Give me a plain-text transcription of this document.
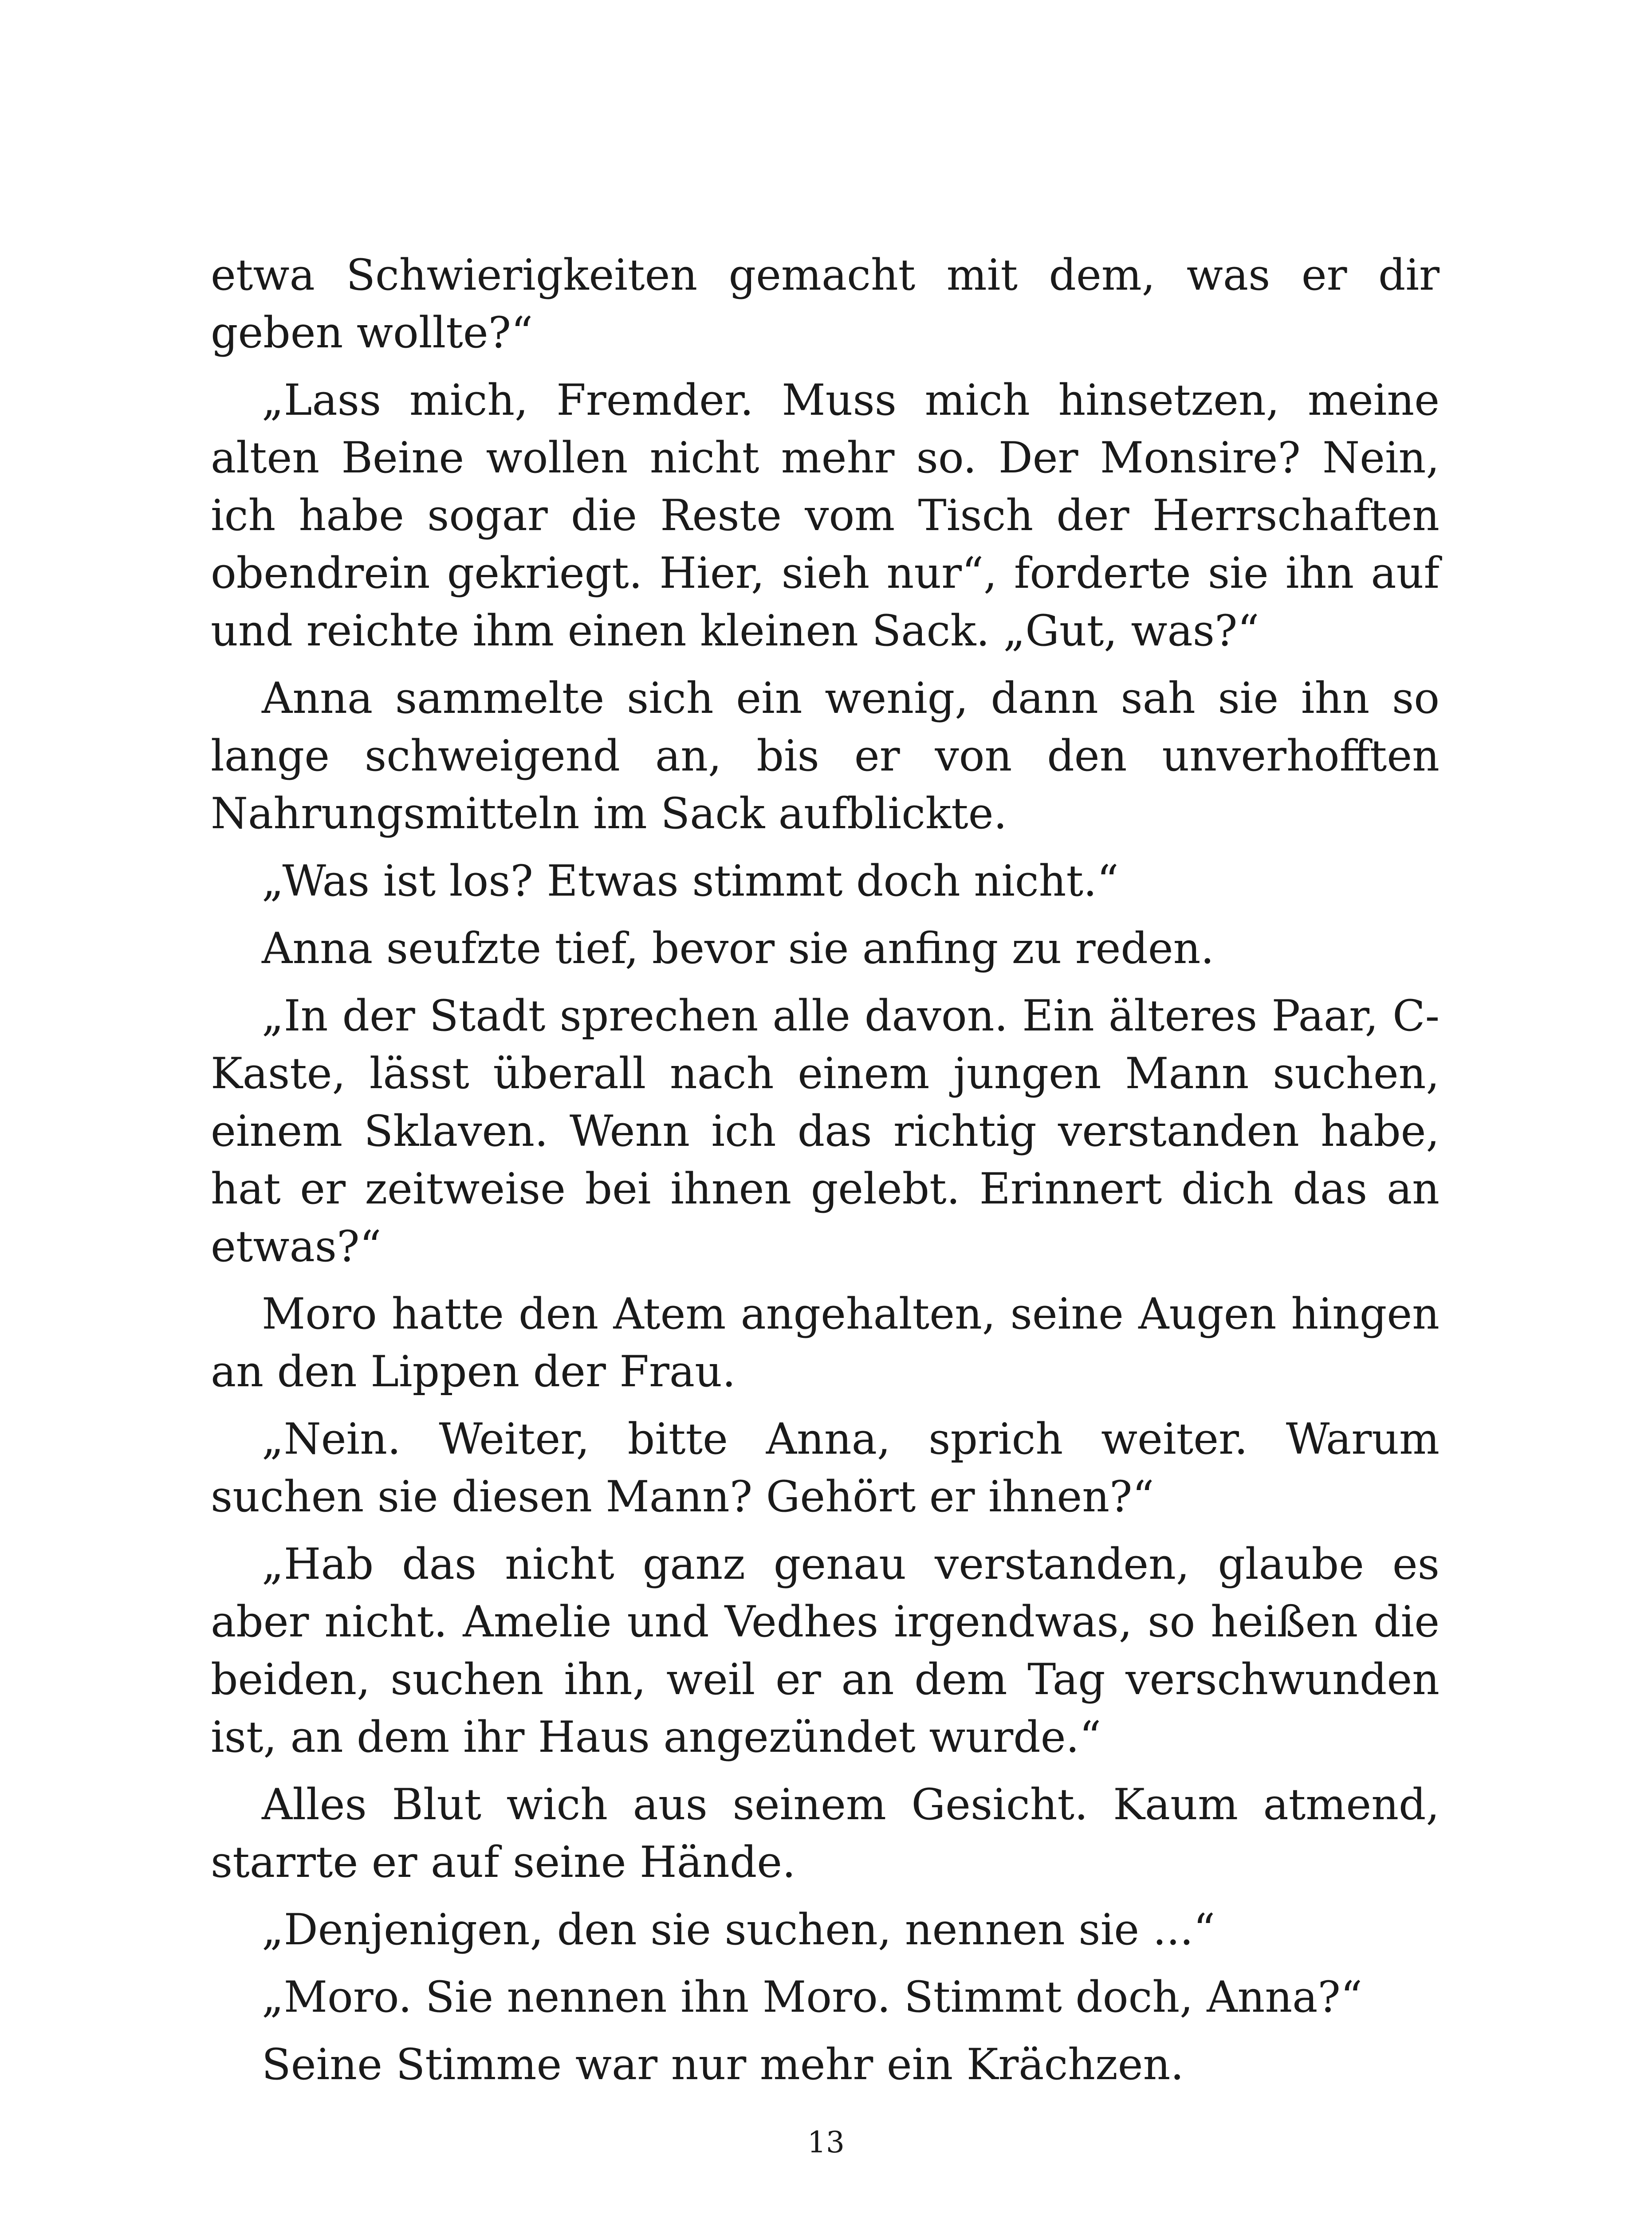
etwa Schwierigkeiten gemacht mit dem, was er dir geben wollte?“

„Lass mich, Fremder. Muss mich hinsetzen, meine alten Beine wollen nicht mehr so. Der Monsire? Nein, ich habe sogar die Reste vom Tisch der Herrschaften obendrein gekriegt. Hier, sieh nur“, forderte sie ihn auf und reichte ihm einen kleinen Sack. „Gut, was?“

Anna sammelte sich ein wenig, dann sah sie ihn so lange schweigend an, bis er von den unverhofften Nahrungsmitteln im Sack aufblickte.

„Was ist los? Etwas stimmt doch nicht.“

Anna seufzte tief, bevor sie anfing zu reden.

„In der Stadt sprechen alle davon. Ein älteres Paar, C-Kaste, lässt überall nach einem jungen Mann suchen, einem Sklaven. Wenn ich das richtig verstanden habe, hat er zeitweise bei ihnen gelebt. Erinnert dich das an etwas?“

Moro hatte den Atem angehalten, seine Augen hingen an den Lippen der Frau.

„Nein. Weiter, bitte Anna, sprich weiter. Warum suchen sie diesen Mann? Gehört er ihnen?“

„Hab das nicht ganz genau verstanden, glaube es aber nicht. Amelie und Vedhes irgendwas, so heißen die beiden, suchen ihn, weil er an dem Tag verschwunden ist, an dem ihr Haus angezündet wurde.“

Alles Blut wich aus seinem Gesicht. Kaum atmend, starrte er auf seine Hände.

„Denjenigen, den sie suchen, nennen sie ...“

„Moro. Sie nennen ihn Moro. Stimmt doch, Anna?“

Seine Stimme war nur mehr ein Krächzen.

13
